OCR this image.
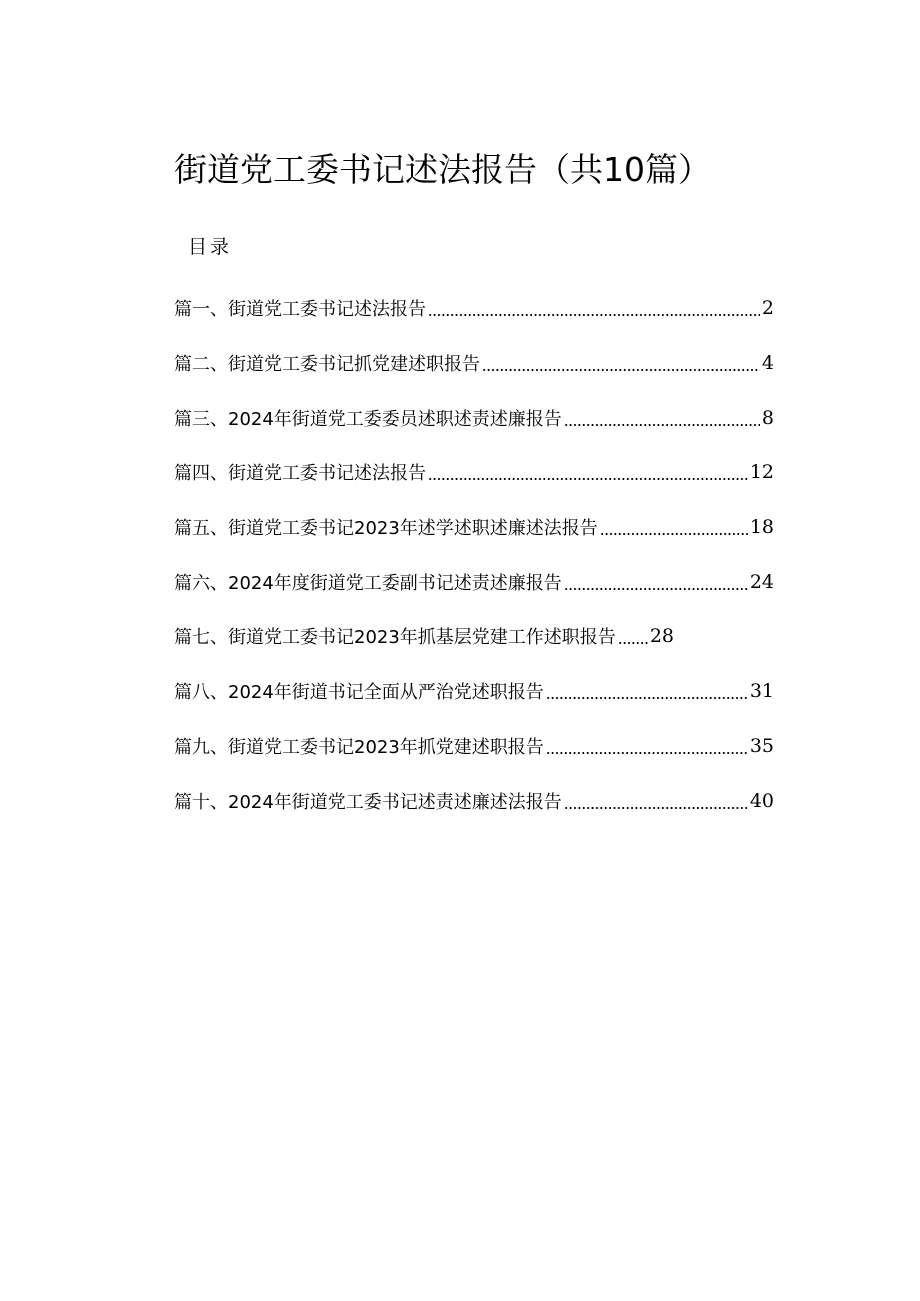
街道党工委书记述法报告（共10篇）
目录
篇一、街道党工委书记述法报告	2
篇二、街道党工委书记抓党建述职报告	4
篇三、2024年街道党工委委员述职述责述廉报告	8
篇四、街道党工委书记述法报告	12
篇五、街道党工委书记2023年述学述职述廉述法报告	18
篇六、2024年度街道党工委副书记述责述廉报告	24
篇七、街道党工委书记2023年抓基层党建工作述职报告 28
篇八、2024年街道书记全面从严治党述职报告	31
篇九、街道党工委书记2023年抓党建述职报告	35
篇十、2024年街道党工委书记述责述廉述法报告	40
